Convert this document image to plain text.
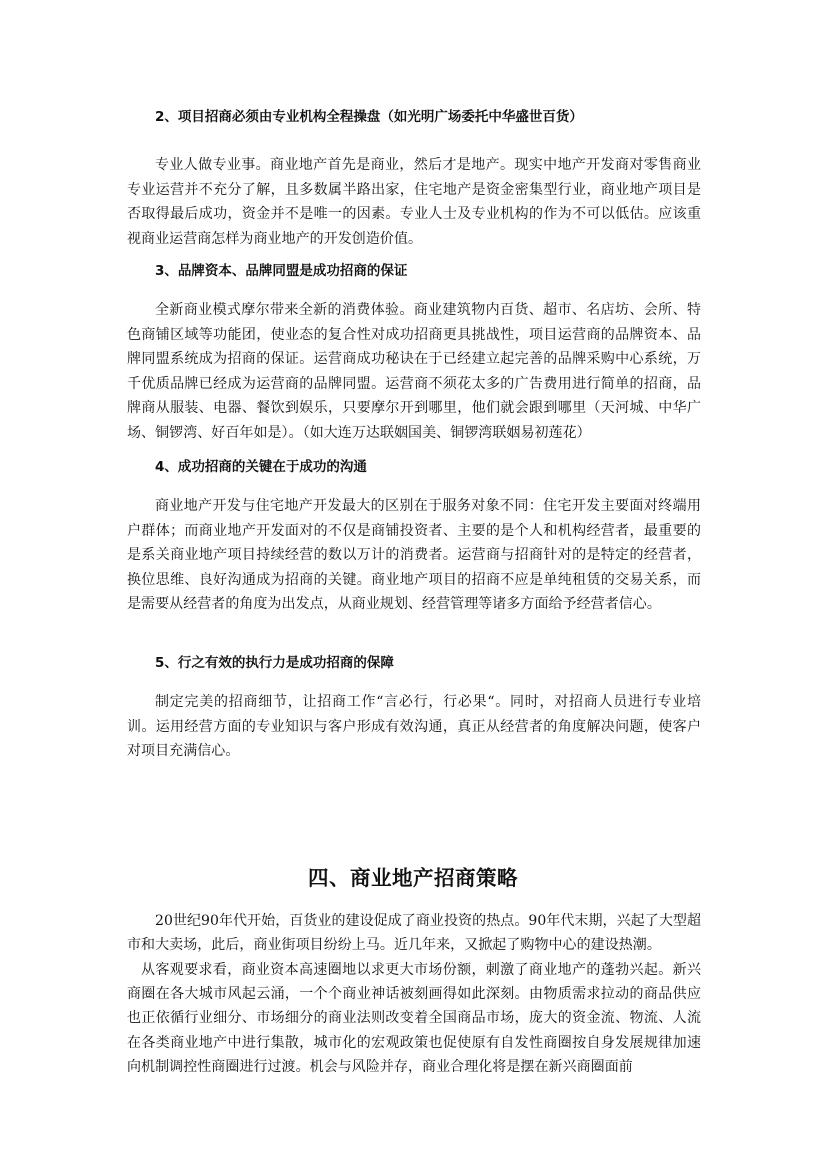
2、项目招商必须由专业机构全程操盘（如光明广场委托中华盛世百货）
专业人做专业事。商业地产首先是商业，然后才是地产。现实中地产开发商对零售商业专业运营并不充分了解，且多数属半路出家，住宅地产是资金密集型行业，商业地产项目是否取得最后成功，资金并不是唯一的因素。专业人士及专业机构的作为不可以低估。应该重视商业运营商怎样为商业地产的开发创造价值。
3、品牌资本、品牌同盟是成功招商的保证
全新商业模式摩尔带来全新的消费体验。商业建筑物内百货、超市、名店坊、会所、特色商铺区域等功能团，使业态的复合性对成功招商更具挑战性，项目运营商的品牌资本、品牌同盟系统成为招商的保证。运营商成功秘诀在于已经建立起完善的品牌采购中心系统，万千优质品牌已经成为运营商的品牌同盟。运营商不须花太多的广告费用进行简单的招商，品牌商从服装、电器、餐饮到娱乐，只要摩尔开到哪里，他们就会跟到哪里（天河城、中华广场、铜锣湾、好百年如是）。（如大连万达联姻国美、铜锣湾联姻易初莲花）
4、成功招商的关键在于成功的沟通
商业地产开发与住宅地产开发最大的区别在于服务对象不同：住宅开发主要面对终端用户群体；而商业地产开发面对的不仅是商铺投资者、主要的是个人和机构经营者，最重要的是系关商业地产项目持续经营的数以万计的消费者。运营商与招商针对的是特定的经营者，换位思维、良好沟通成为招商的关键。商业地产项目的招商不应是单纯租赁的交易关系，而是需要从经营者的角度为出发点，从商业规划、经营管理等诸多方面给予经营者信心。
5、行之有效的执行力是成功招商的保障
制定完美的招商细节，让招商工作“言必行，行必果“。同时，对招商人员进行专业培训。运用经营方面的专业知识与客户形成有效沟通，真正从经营者的角度解决问题，使客户对项目充满信心。
四、商业地产招商策略
20世纪90年代开始，百货业的建设促成了商业投资的热点。90年代末期，兴起了大型超市和大卖场，此后，商业街项目纷纷上马。近几年来，又掀起了购物中心的建设热潮。
从客观要求看，商业资本高速圈地以求更大市场份额，刺激了商业地产的蓬勃兴起。新兴商圈在各大城市风起云涌，一个个商业神话被刻画得如此深刻。由物质需求拉动的商品供应也正依循行业细分、市场细分的商业法则改变着全国商品市场，庞大的资金流、物流、人流在各类商业地产中进行集散，城市化的宏观政策也促使原有自发性商圈按自身发展规律加速向机制调控性商圈进行过渡。机会与风险并存，商业合理化将是摆在新兴商圈面前
